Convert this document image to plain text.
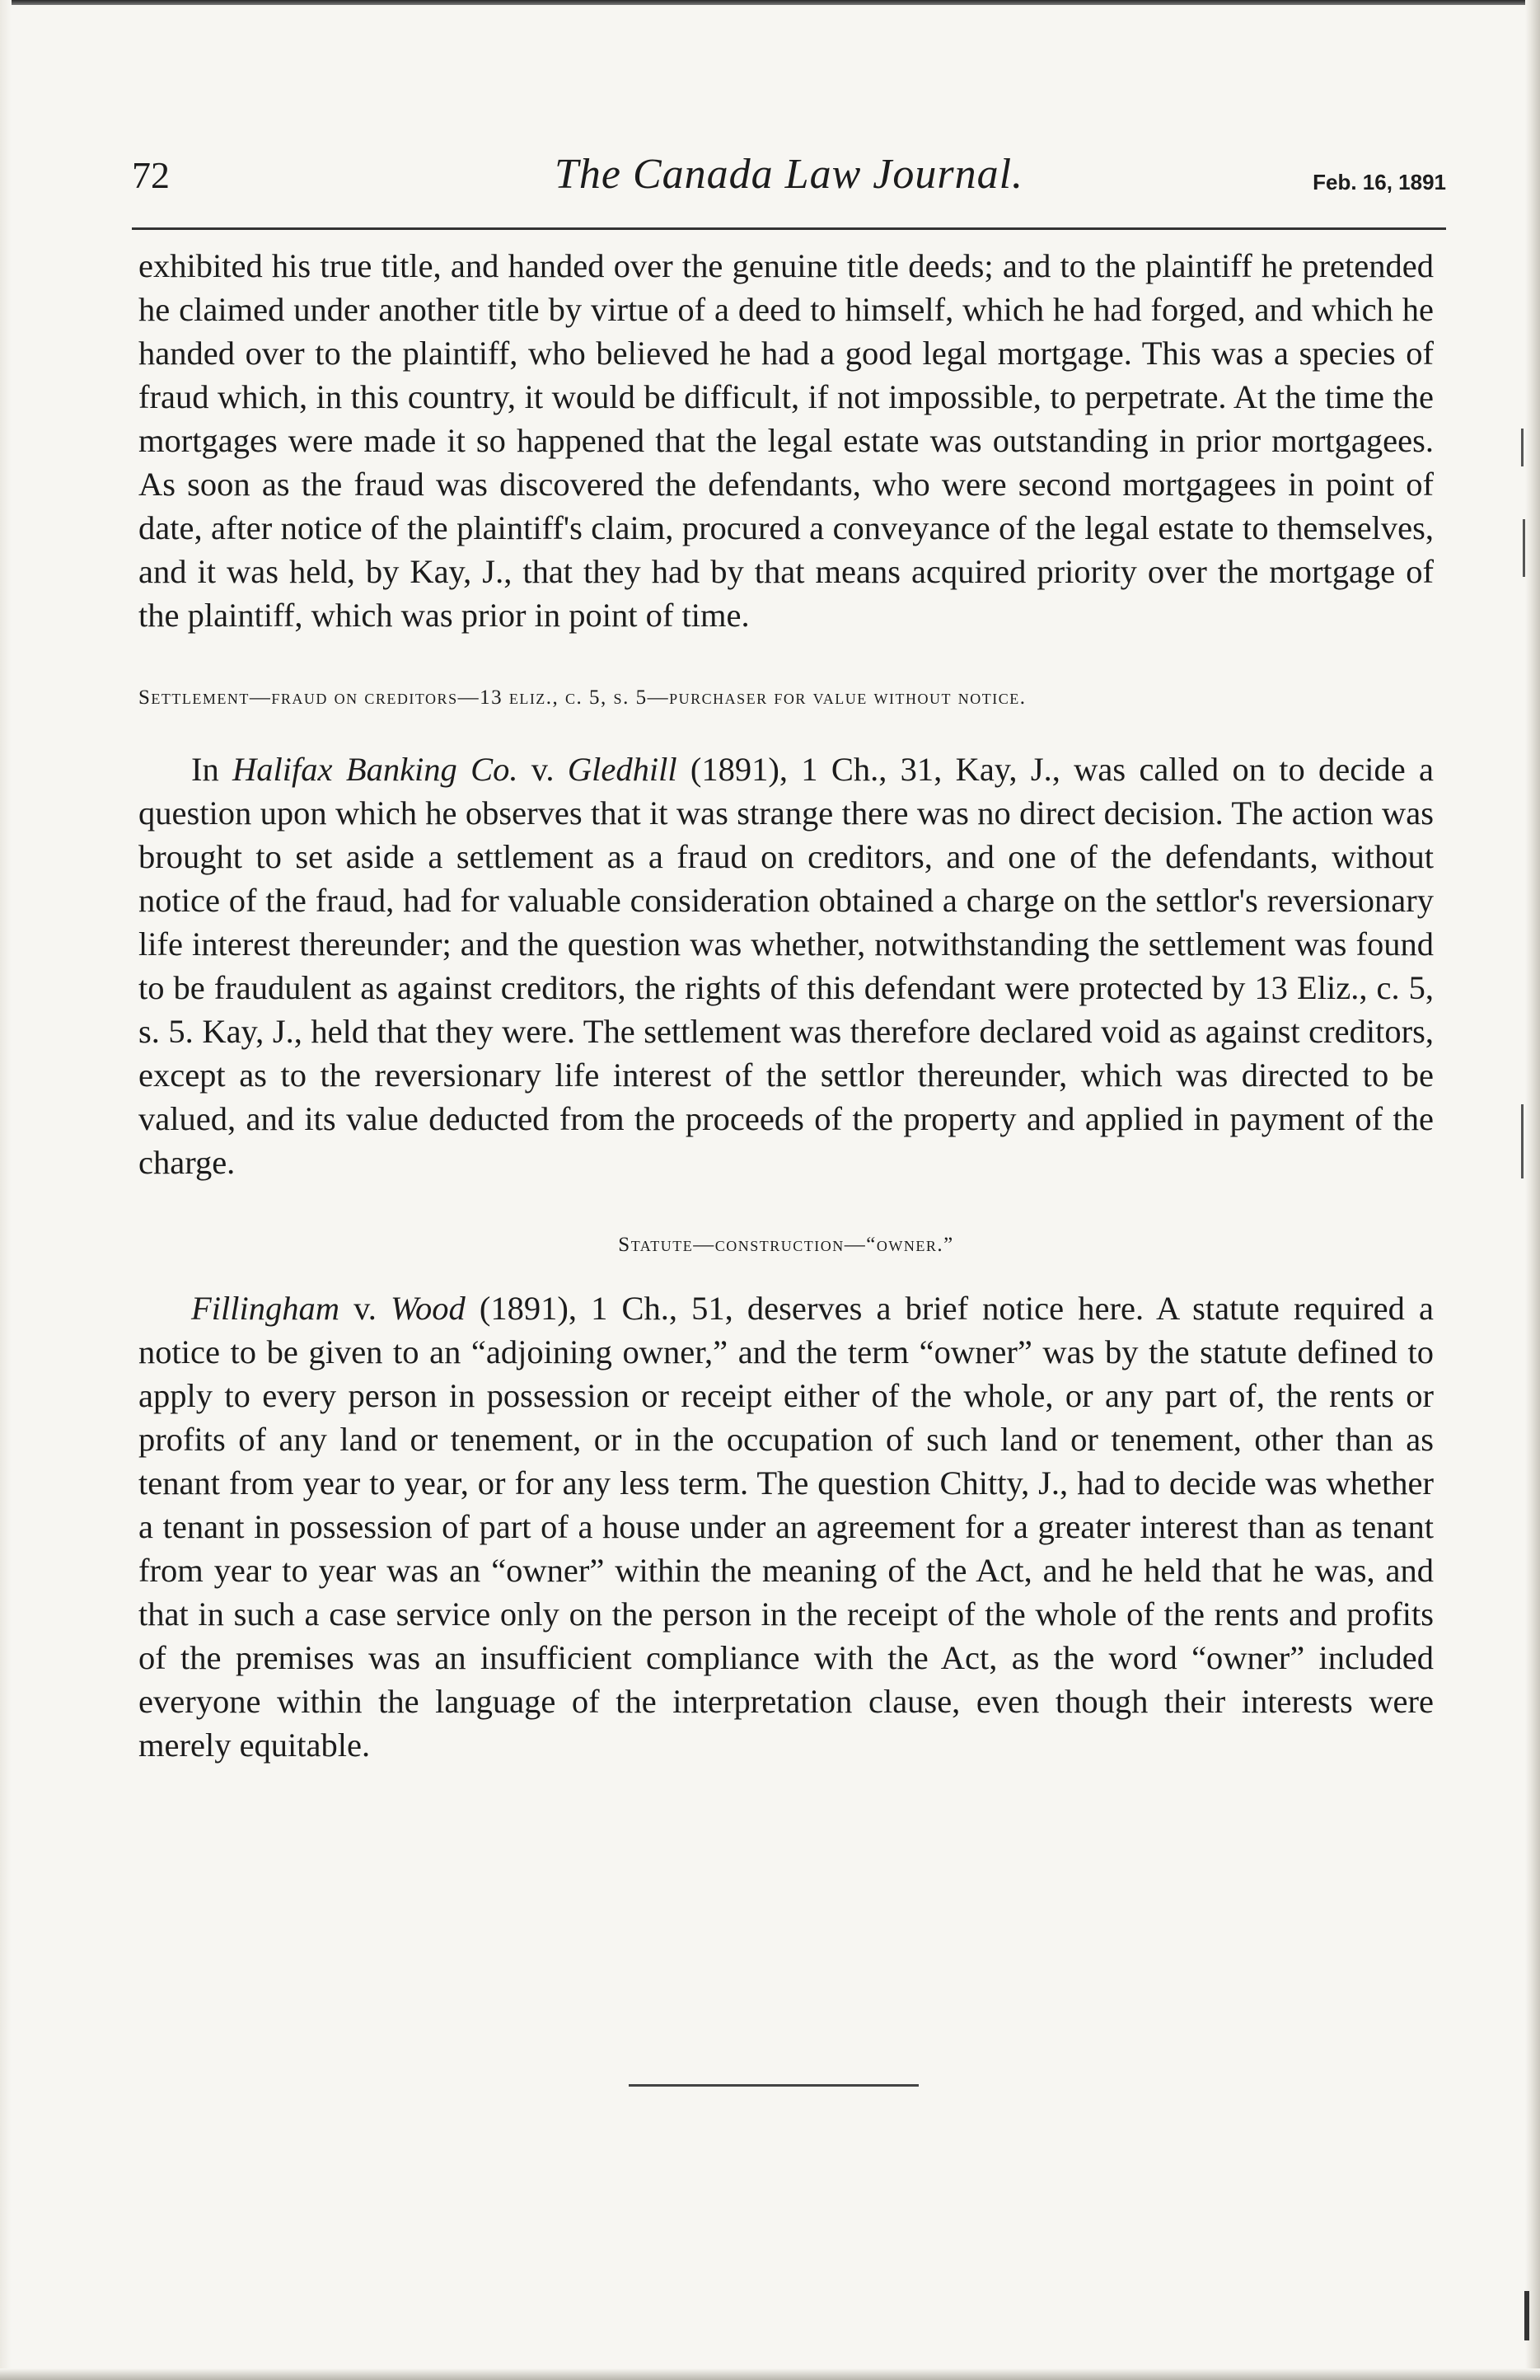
72	The Canada Law Journal.	Feb. 16, 1891

exhibited his true title, and handed over the genuine title deeds; and to the plaintiff he pretended he claimed under another title by virtue of a deed to himself, which he had forged, and which he handed over to the plaintiff, who believed he had a good legal mortgage. This was a species of fraud which, in this country, it would be difficult, if not impossible, to perpetrate. At the time the mortgages were made it so happened that the legal estate was outstanding in prior mortgagees. As soon as the fraud was discovered the defendants, who were second mortgagees in point of date, after notice of the plaintiff's claim, procured a conveyance of the legal estate to themselves, and it was held, by Kay, J., that they had by that means acquired priority over the mortgage of the plaintiff, which was prior in point of time.

Settlement—fraud on creditors—13 eliz., c. 5, s. 5—purchaser for value without notice.

In Halifax Banking Co. v. Gledhill (1891), 1 Ch., 31, Kay, J., was called on to decide a question upon which he observes that it was strange there was no direct decision. The action was brought to set aside a settlement as a fraud on creditors, and one of the defendants, without notice of the fraud, had for valuable consideration obtained a charge on the settlor's reversionary life interest thereunder; and the question was whether, notwithstanding the settlement was found to be fraudulent as against creditors, the rights of this defendant were protected by 13 Eliz., c. 5, s. 5. Kay, J., held that they were. The settlement was therefore declared void as against creditors, except as to the reversionary life interest of the settlor thereunder, which was directed to be valued, and its value deducted from the proceeds of the property and applied in payment of the charge.

Statute—construction—“owner.”

Fillingham v. Wood (1891), 1 Ch., 51, deserves a brief notice here. A statute required a notice to be given to an “adjoining owner,” and the term “owner” was by the statute defined to apply to every person in possession or receipt either of the whole, or any part of, the rents or profits of any land or tenement, or in the occupation of such land or tenement, other than as tenant from year to year, or for any less term. The question Chitty, J., had to decide was whether a tenant in possession of part of a house under an agreement for a greater interest than as tenant from year to year was an “owner” within the meaning of the Act, and he held that he was, and that in such a case service only on the person in the receipt of the whole of the rents and profits of the premises was an insufficient compliance with the Act, as the word “owner” included everyone within the language of the interpretation clause, even though their interests were merely equitable.
